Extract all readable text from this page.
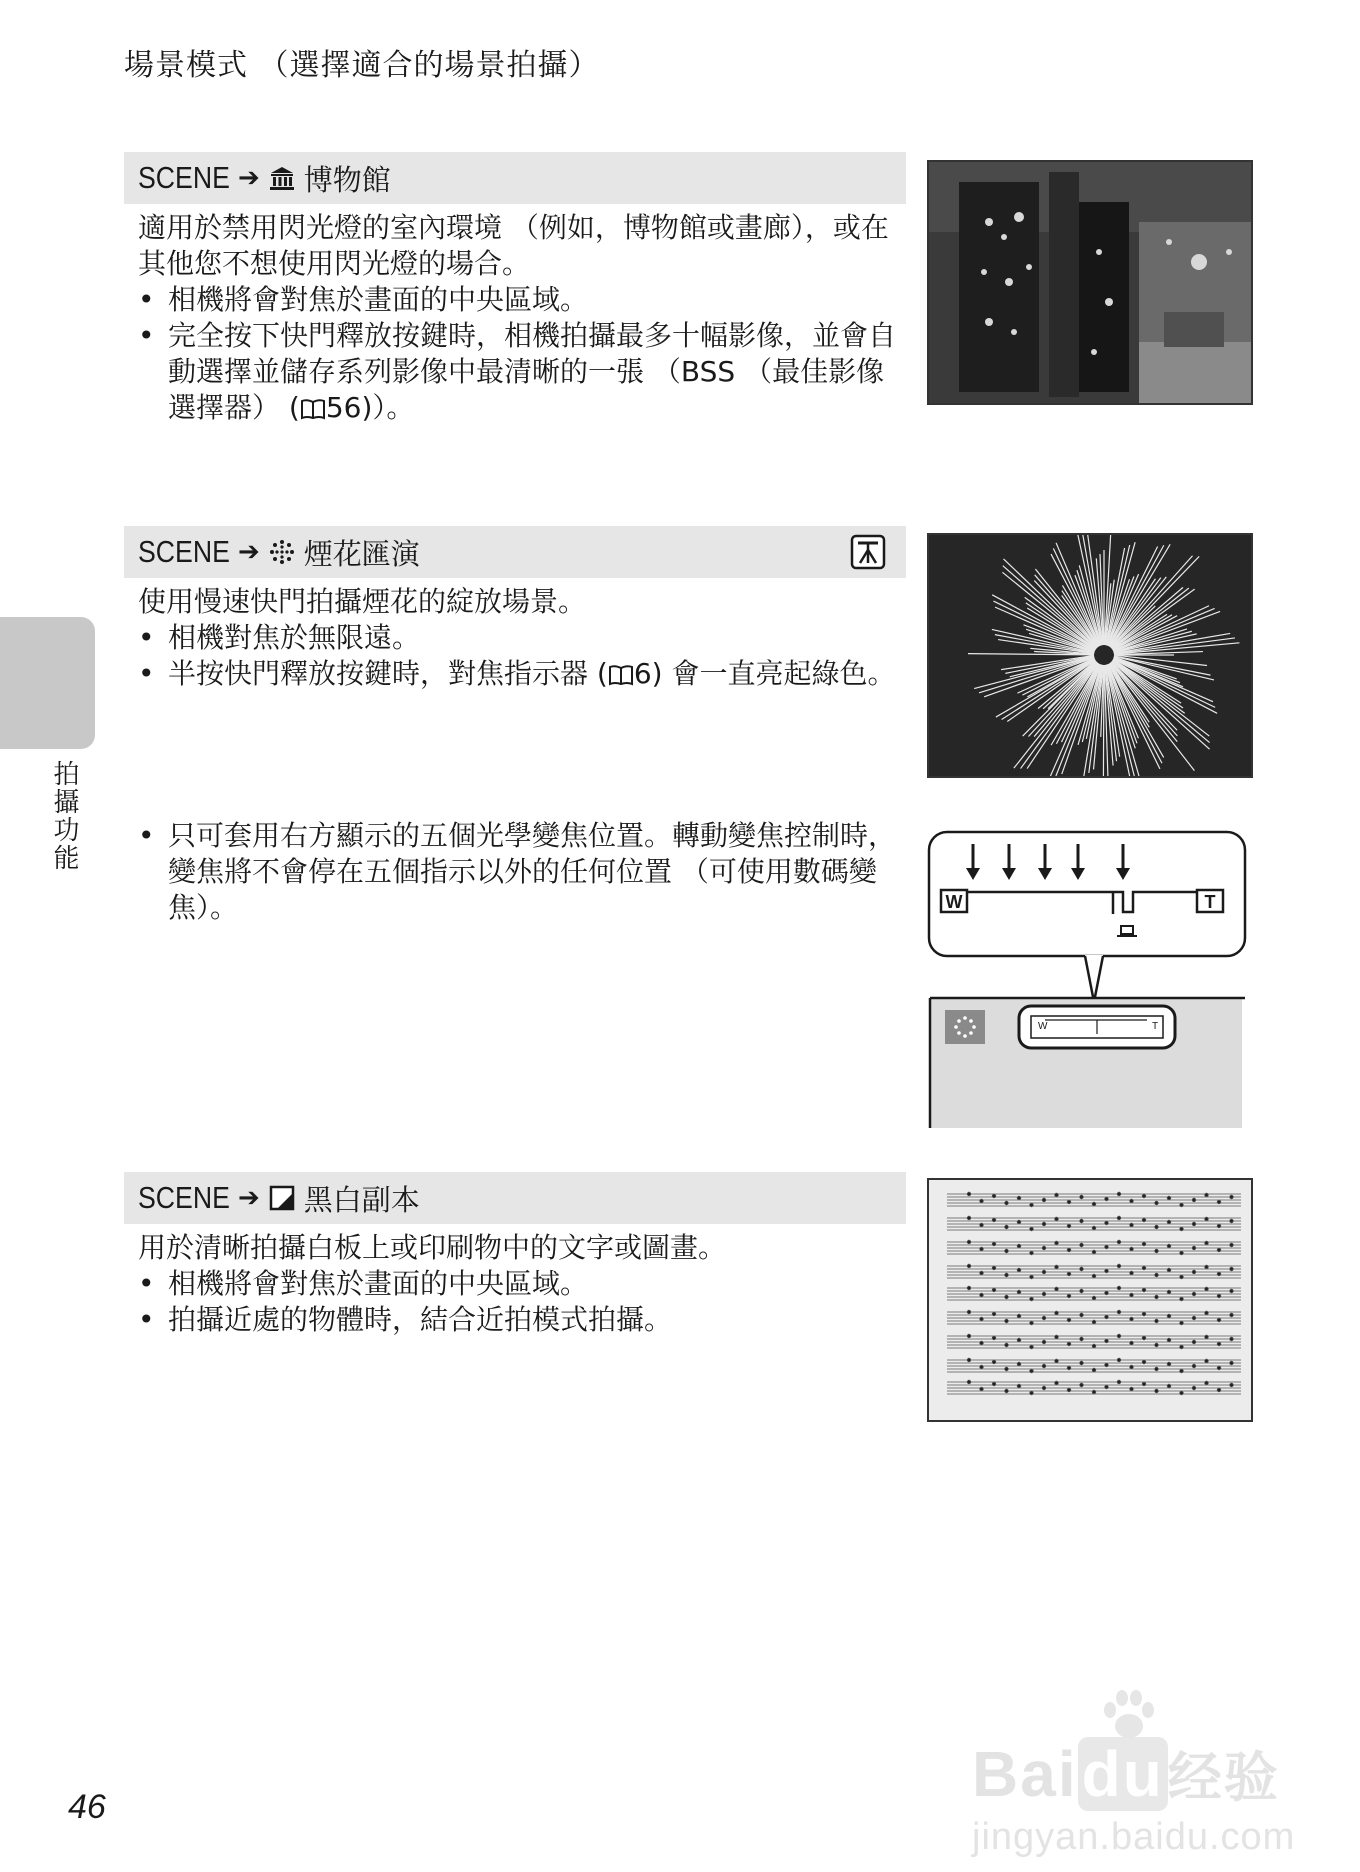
場景模式 （選擇適合的場景拍攝）
拍攝功能
SCENE ➔ 博物館

適用於禁用閃光燈的室內環境 （例如，博物館或畫廊），或在其他您不想使用閃光燈的場合。

• 相機將會對焦於畫面的中央區域。
• 完全按下快門釋放按鍵時，相機拍攝最多十幅影像，並會自動選擇並儲存系列影像中最清晰的一張 （BSS （最佳影像選擇器） ( 56)）。
SCENE ➔ 煙花匯演

使用慢速快門拍攝煙花的綻放場景。

• 相機對焦於無限遠。
• 半按快門釋放按鍵時，對焦指示器 ( 6) 會一直亮起綠色。
• 只可套用右方顯示的五個光學變焦位置。轉動變焦控制時，變焦將不會停在五個指示以外的任何位置 （可使用數碼變焦）。	W	T
W	T
SCENE ➔ 黑白副本

用於清晰拍攝白板上或印刷物中的文字或圖畫。

• 相機將會對焦於畫面的中央區域。
• 拍攝近處的物體時，結合近拍模式拍攝。
Baidu经验
jingyan.baidu.com
46
